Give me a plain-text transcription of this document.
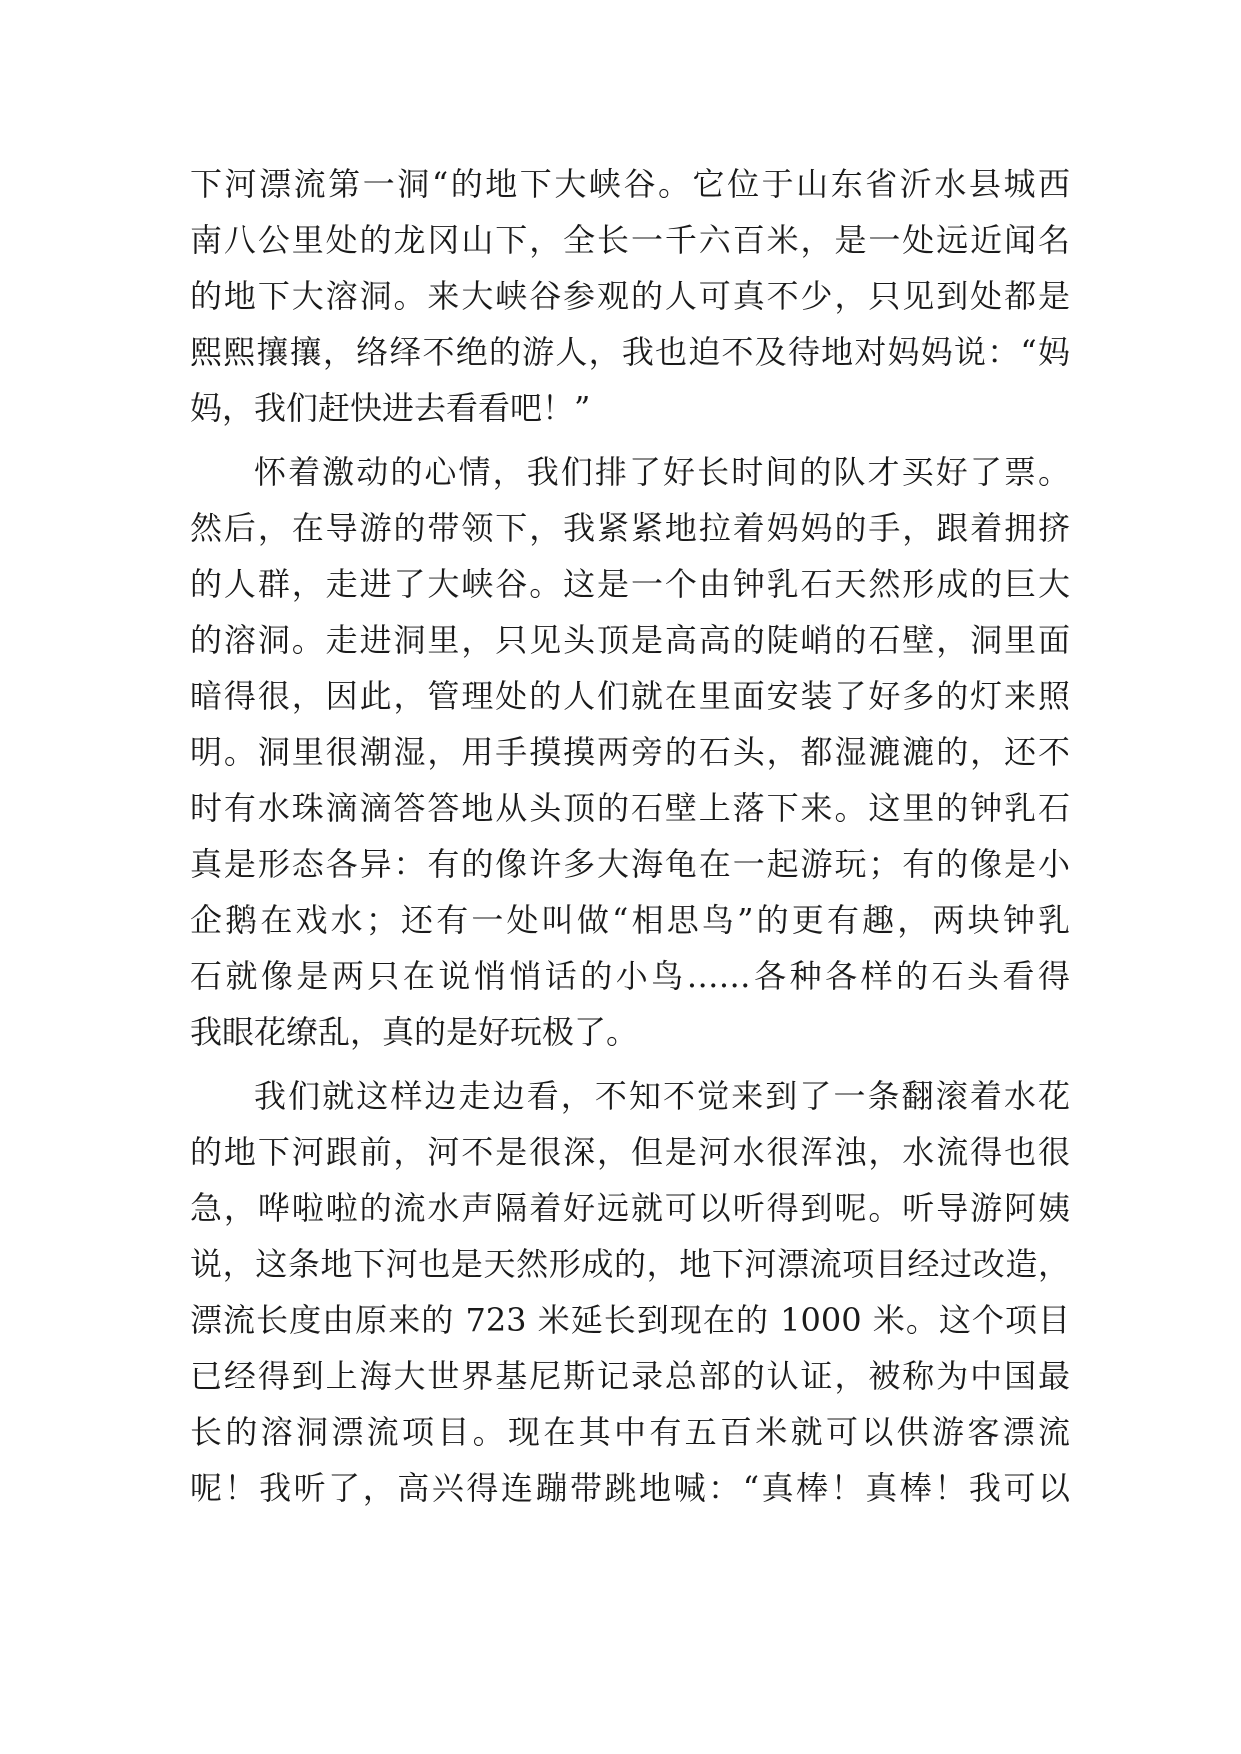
下河漂流第一洞“的地下大峡谷。它位于山东省沂水县城西
南八公里处的龙冈山下，全长一千六百米，是一处远近闻名
的地下大溶洞。来大峡谷参观的人可真不少，只见到处都是
熙熙攘攘，络绎不绝的游人，我也迫不及待地对妈妈说：“妈
妈，我们赶快进去看看吧！”
怀着激动的心情，我们排了好长时间的队才买好了票。
然后，在导游的带领下，我紧紧地拉着妈妈的手，跟着拥挤
的人群，走进了大峡谷。这是一个由钟乳石天然形成的巨大
的溶洞。走进洞里，只见头顶是高高的陡峭的石壁，洞里面
暗得很，因此，管理处的人们就在里面安装了好多的灯来照
明。洞里很潮湿，用手摸摸两旁的石头，都湿漉漉的，还不
时有水珠滴滴答答地从头顶的石壁上落下来。这里的钟乳石
真是形态各异：有的像许多大海龟在一起游玩；有的像是小
企鹅在戏水；还有一处叫做“相思鸟”的更有趣，两块钟乳
石就像是两只在说悄悄话的小鸟……各种各样的石头看得
我眼花缭乱，真的是好玩极了。
我们就这样边走边看，不知不觉来到了一条翻滚着水花
的地下河跟前，河不是很深，但是河水很浑浊，水流得也很
急，哗啦啦的流水声隔着好远就可以听得到呢。听导游阿姨
说，这条地下河也是天然形成的，地下河漂流项目经过改造，
漂流长度由原来的 723 米延长到现在的 1000 米。这个项目
已经得到上海大世界基尼斯记录总部的认证，被称为中国最
长的溶洞漂流项目。现在其中有五百米就可以供游客漂流
呢！我听了，高兴得连蹦带跳地喊：“真棒！真棒！我可以
